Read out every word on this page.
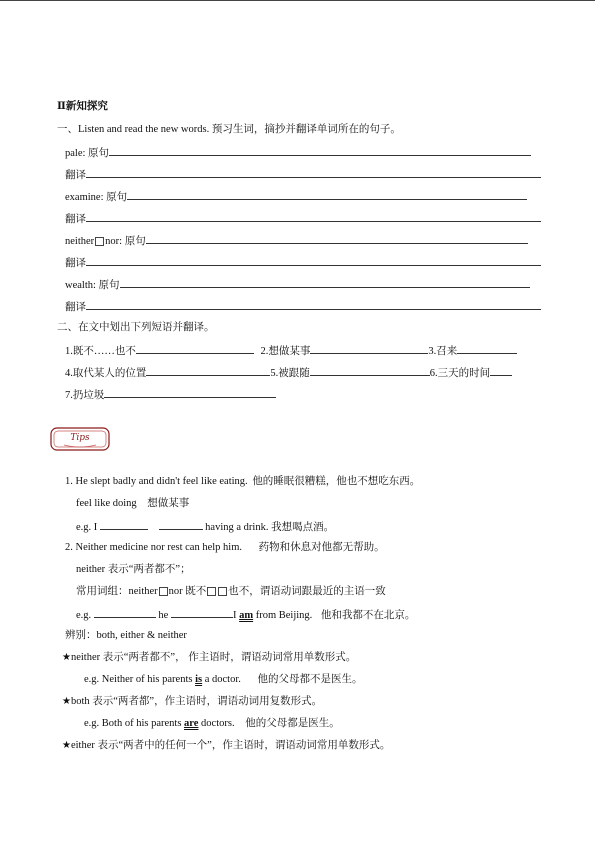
Ⅱ新知探究
一、Listen and read the new words. 预习生词，摘抄并翻译单词所在的句子。
pale: 原句
翻译
examine: 原句
翻译
neither nor: 原句
翻译
wealth: 原句
翻译
二、在文中划出下列短语并翻译。
1.既不……也不	2.想做某事	3.召来
4.取代某人的位置	5.被跟随	6.三天的时间
7.扔垃圾
Tips
1. He slept badly and didn't feel like eating. 他的睡眠很糟糕，他也不想吃东西。
feel like doing 想做某事
e.g. I	having a drink. 我想喝点酒。
2. Neither medicine nor rest can help him. 药物和休息对他都无帮助。
neither 表示“两者都不”；
常用词组：neither nor 既不 也不，谓语动词跟最近的主语一致
e.g.	he	I am from Beijing. 他和我都不在北京。
辨别：both, either & neither
★neither 表示“两者都不”， 作主语时，谓语动词常用单数形式。
e.g. Neither of his parents is a doctor. 他的父母都不是医生。
★both 表示“两者都”，作主语时，谓语动词用复数形式。
e.g. Both of his parents are doctors. 他的父母都是医生。
★either 表示“两者中的任何一个”，作主语时，谓语动词常用单数形式。
